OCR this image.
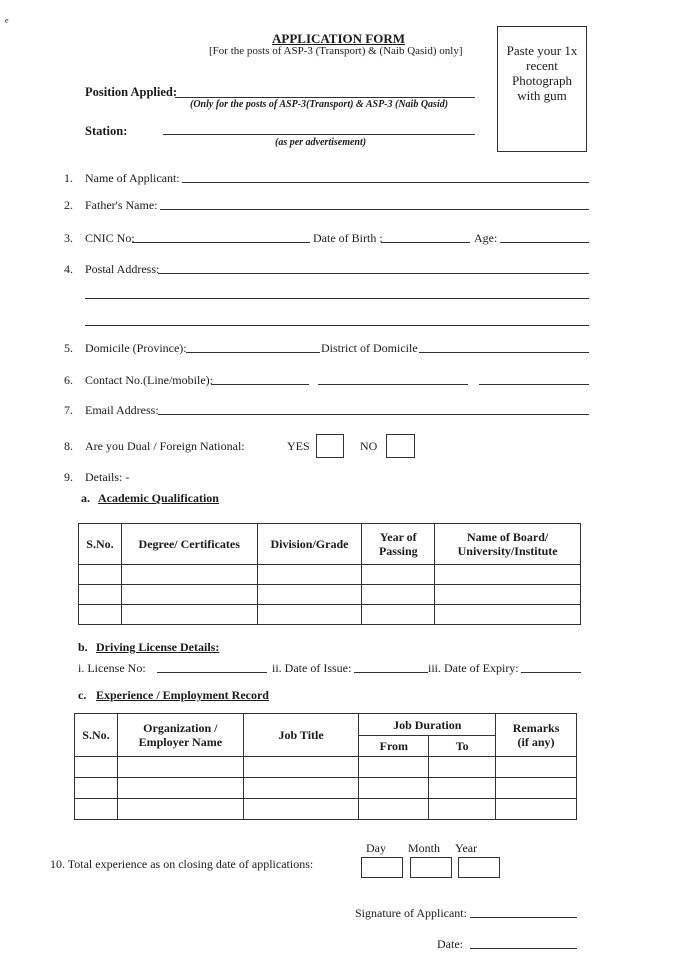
e
APPLICATION FORM
[For the posts of ASP-3 (Transport) & (Naib Qasid) only]	Paste your 1x
recent
Photograph
with gum
Position Applied:
(Only for the posts of ASP-3(Transport) & ASP-3 (Naib Qasid)
Station:
(as per advertisement)
1. Name of Applicant:
2. Father's Name:
3. CNIC No:	Date of Birth :	Age:
4. Postal Address:
5. Domicile (Province):	District of Domicile
6. Contact No.(Line/mobile):
7. Email Address:
8. Are you Dual / Foreign National:	YES	NO
9. Details: -
a. Academic Qualification
S.No.	Degree/ Certificates	Division/Grade	Year of
Passing	Name of Board/
University/Institute

b. Driving License Details:
i. License No:	ii. Date of Issue:	iii. Date of Expiry:
c. Experience / Employment Record
S.No.	Organization /
Employer Name	Job Title	Job Duration		Remarks
(if any)
			From	To	

10. Total experience as on closing date of applications:
Day Month Year
Signature of Applicant:
Date:
